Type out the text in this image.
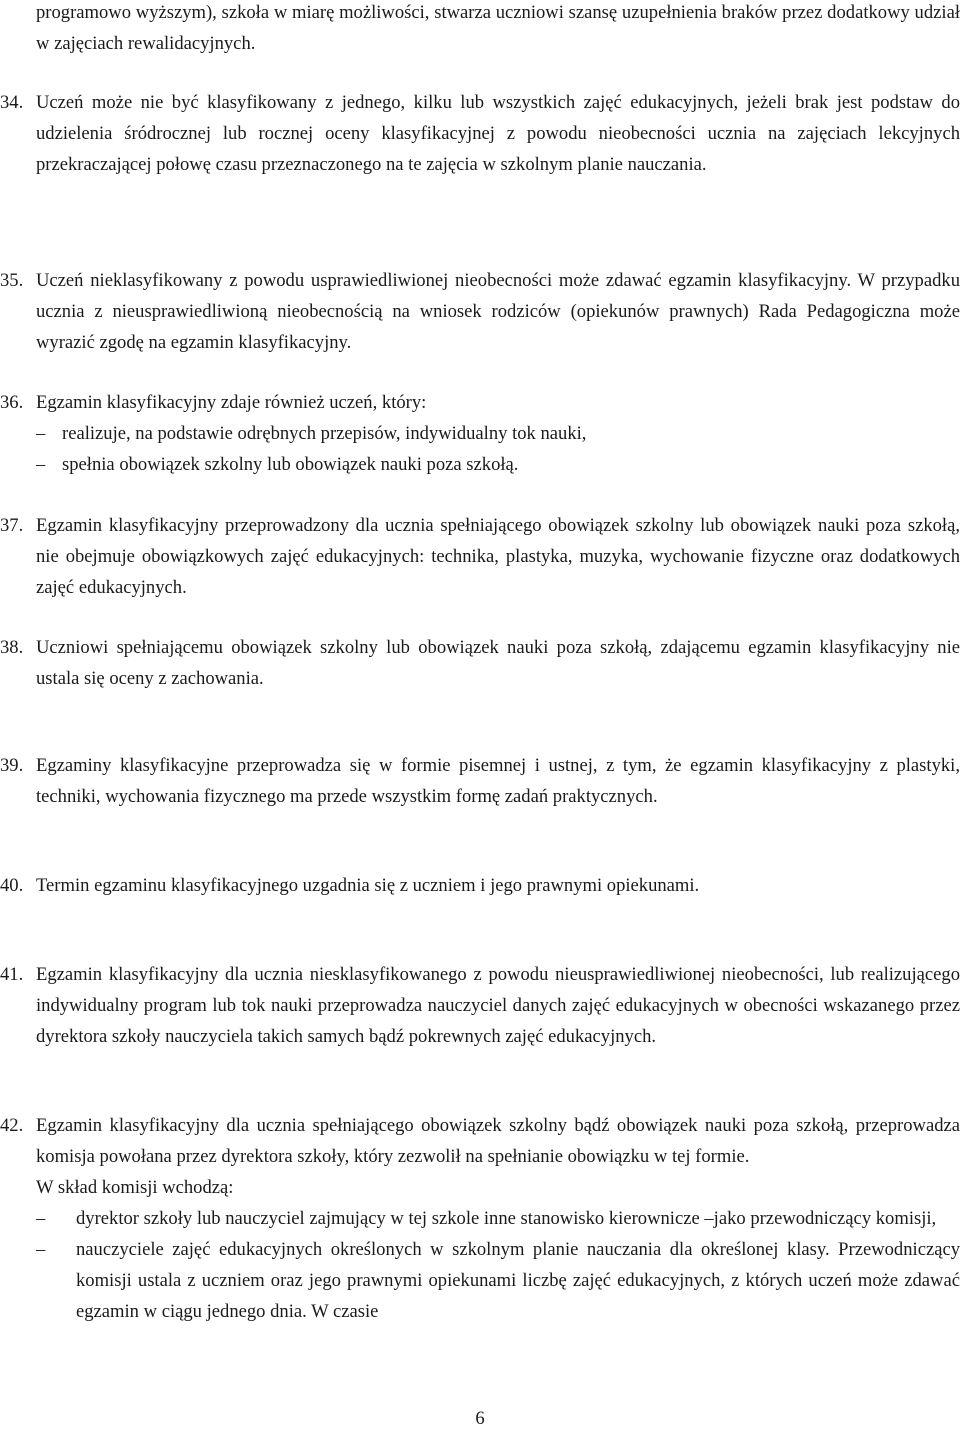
programowo wyższym), szkoła w miarę możliwości, stwarza uczniowi szansę uzupełnienia braków przez dodatkowy udział w zajęciach rewalidacyjnych.
34. Uczeń może nie być klasyfikowany z jednego, kilku lub wszystkich zajęć edukacyjnych, jeżeli brak jest podstaw do udzielenia śródrocznej lub rocznej oceny klasyfikacyjnej z powodu nieobecności ucznia na zajęciach lekcyjnych przekraczającej połowę czasu przeznaczonego na te zajęcia w szkolnym planie nauczania.
35. Uczeń nieklasyfikowany z powodu usprawiedliwionej nieobecności może zdawać egzamin klasyfikacyjny. W przypadku ucznia z nieusprawiedliwioną nieobecnością na wniosek rodziców (opiekunów prawnych) Rada Pedagogiczna może wyrazić zgodę na egzamin klasyfikacyjny.
36. Egzamin klasyfikacyjny zdaje również uczeń, który:
– realizuje, na podstawie odrębnych przepisów, indywidualny tok nauki,
– spełnia obowiązek szkolny lub obowiązek nauki poza szkołą.
37. Egzamin klasyfikacyjny przeprowadzony dla ucznia spełniającego obowiązek szkolny lub obowiązek nauki poza szkołą, nie obejmuje obowiązkowych zajęć edukacyjnych: technika, plastyka, muzyka, wychowanie fizyczne oraz dodatkowych zajęć edukacyjnych.
38. Uczniowi spełniającemu obowiązek szkolny lub obowiązek nauki poza szkołą, zdającemu egzamin klasyfikacyjny nie ustala się oceny z zachowania.
39. Egzaminy klasyfikacyjne przeprowadza się w formie pisemnej i ustnej, z tym, że egzamin klasyfikacyjny z plastyki, techniki, wychowania fizycznego ma przede wszystkim formę zadań praktycznych.
40. Termin egzaminu klasyfikacyjnego uzgadnia się z uczniem i jego prawnymi opiekunami.
41. Egzamin klasyfikacyjny dla ucznia niesklasyfikowanego z powodu nieusprawiedliwionej nieobecności, lub realizującego indywidualny program lub tok nauki przeprowadza nauczyciel danych zajęć edukacyjnych w obecności wskazanego przez dyrektora szkoły nauczyciela takich samych bądź pokrewnych zajęć edukacyjnych.
42. Egzamin klasyfikacyjny dla ucznia spełniającego obowiązek szkolny bądź obowiązek nauki poza szkołą, przeprowadza komisja powołana przez dyrektora szkoły, który zezwolił na spełnianie obowiązku w tej formie.
W skład komisji wchodzą:
– dyrektor szkoły lub nauczyciel zajmujący w tej szkole inne stanowisko kierownicze –jako przewodniczący komisji,
– nauczyciele zajęć edukacyjnych określonych w szkolnym planie nauczania dla określonej klasy. Przewodniczący komisji ustala z uczniem oraz jego prawnymi opiekunami liczbę zajęć edukacyjnych, z których uczeń może zdawać egzamin w ciągu jednego dnia. W czasie
6
